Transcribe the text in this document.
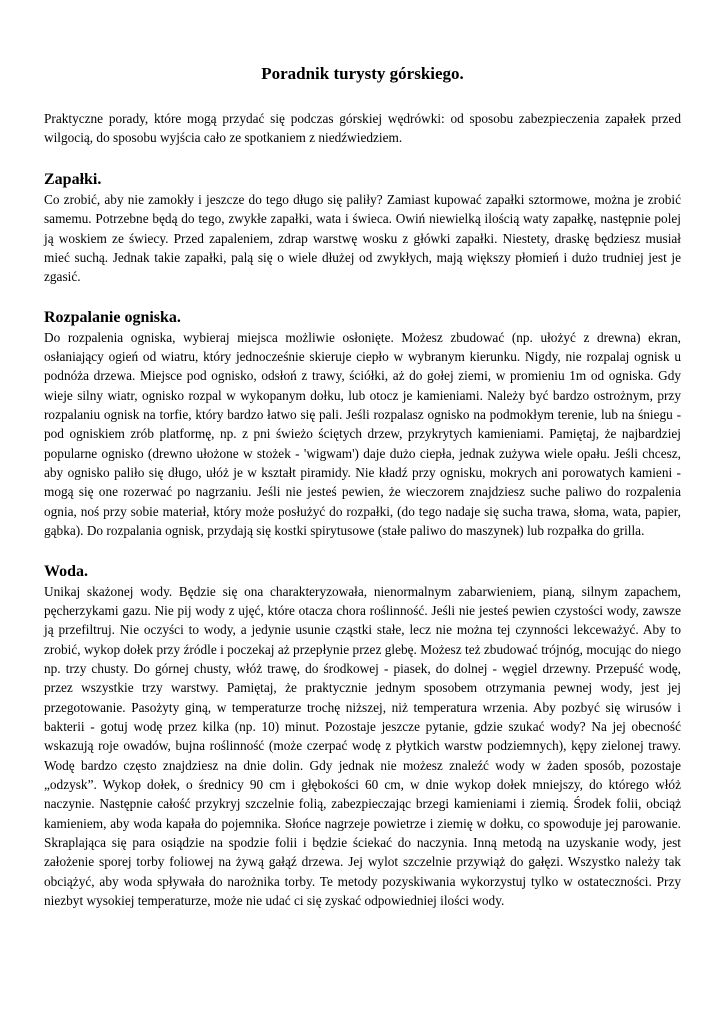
Poradnik turysty górskiego.

Praktyczne porady, które mogą przydać się podczas górskiej wędrówki: od sposobu zabezpieczenia zapałek przed wilgocią, do sposobu wyjścia cało ze spotkaniem z niedźwiedziem.

Zapałki.

Co zrobić, aby nie zamokły i jeszcze do tego długo się paliły? Zamiast kupować zapałki sztormowe, można je zrobić samemu. Potrzebne będą do tego, zwykłe zapałki, wata i świeca. Owiń niewielką ilością waty zapałkę, następnie polej ją woskiem ze świecy. Przed zapaleniem, zdrap warstwę wosku z główki zapałki. Niestety, draskę będziesz musiał mieć suchą. Jednak takie zapałki, palą się o wiele dłużej od zwykłych, mają większy płomień i dużo trudniej jest je zgasić.

Rozpalanie ogniska.

Do rozpalenia ogniska, wybieraj miejsca możliwie osłonięte. Możesz zbudować (np. ułożyć z drewna) ekran, osłaniający ogień od wiatru, który jednocześnie skieruje ciepło w wybranym kierunku. Nigdy, nie rozpalaj ognisk u podnóża drzewa. Miejsce pod ognisko, odsłoń z trawy, ściółki, aż do gołej ziemi, w promieniu 1m od ogniska. Gdy wieje silny wiatr, ognisko rozpal w wykopanym dołku, lub otocz je kamieniami. Należy być bardzo ostrożnym, przy rozpalaniu ognisk na torfie, który bardzo łatwo się pali. Jeśli rozpalasz ognisko na podmokłym terenie, lub na śniegu - pod ogniskiem zrób platformę, np. z pni świeżo ściętych drzew, przykrytych kamieniami. Pamiętaj, że najbardziej popularne ognisko (drewno ułożone w stożek - 'wigwam') daje dużo ciepła, jednak zużywa wiele opału. Jeśli chcesz, aby ognisko paliło się długo, ułóż je w kształt piramidy. Nie kładź przy ognisku, mokrych ani porowatych kamieni - mogą się one rozerwać po nagrzaniu. Jeśli nie jesteś pewien, że wieczorem znajdziesz suche paliwo do rozpalenia ognia, noś przy sobie materiał, który może posłużyć do rozpałki, (do tego nadaje się sucha trawa, słoma, wata, papier, gąbka). Do rozpalania ognisk, przydają się kostki spirytusowe (stałe paliwo do maszynek) lub rozpałka do grilla.

Woda.

Unikaj skażonej wody. Będzie się ona charakteryzowała, nienormalnym zabarwieniem, pianą, silnym zapachem, pęcherzykami gazu. Nie pij wody z ujęć, które otacza chora roślinność. Jeśli nie jesteś pewien czystości wody, zawsze ją przefiltruj. Nie oczyści to wody, a jedynie usunie cząstki stałe, lecz nie można tej czynności lekceważyć. Aby to zrobić, wykop dołek przy źródle i poczekaj aż przepłynie przez glebę. Możesz też zbudować trójnóg, mocując do niego np. trzy chusty. Do górnej chusty, włóż trawę, do środkowej - piasek, do dolnej - węgiel drzewny. Przepuść wodę, przez wszystkie trzy warstwy. Pamiętaj, że praktycznie jednym sposobem otrzymania pewnej wody, jest jej przegotowanie. Pasożyty giną, w temperaturze trochę niższej, niż temperatura wrzenia. Aby pozbyć się wirusów i bakterii - gotuj wodę przez kilka (np. 10) minut. Pozostaje jeszcze pytanie, gdzie szukać wody? Na jej obecność wskazują roje owadów, bujna roślinność (może czerpać wodę z płytkich warstw podziemnych), kępy zielonej trawy. Wodę bardzo często znajdziesz na dnie dolin. Gdy jednak nie możesz znaleźć wody w żaden sposób, pozostaje „odzysk”. Wykop dołek, o średnicy 90 cm i głębokości 60 cm, w dnie wykop dołek mniejszy, do którego włóż naczynie. Następnie całość przykryj szczelnie folią, zabezpieczając brzegi kamieniami i ziemią. Środek folii, obciąż kamieniem, aby woda kapała do pojemnika. Słońce nagrzeje powietrze i ziemię w dołku, co spowoduje jej parowanie. Skraplająca się para osiądzie na spodzie folii i będzie ściekać do naczynia. Inną metodą na uzyskanie wody, jest założenie sporej torby foliowej na żywą gałąź drzewa. Jej wylot szczelnie przywiąż do gałęzi. Wszystko należy tak obciążyć, aby woda spływała do narożnika torby. Te metody pozyskiwania wykorzystuj tylko w ostateczności. Przy niezbyt wysokiej temperaturze, może nie udać ci się zyskać odpowiedniej ilości wody.
